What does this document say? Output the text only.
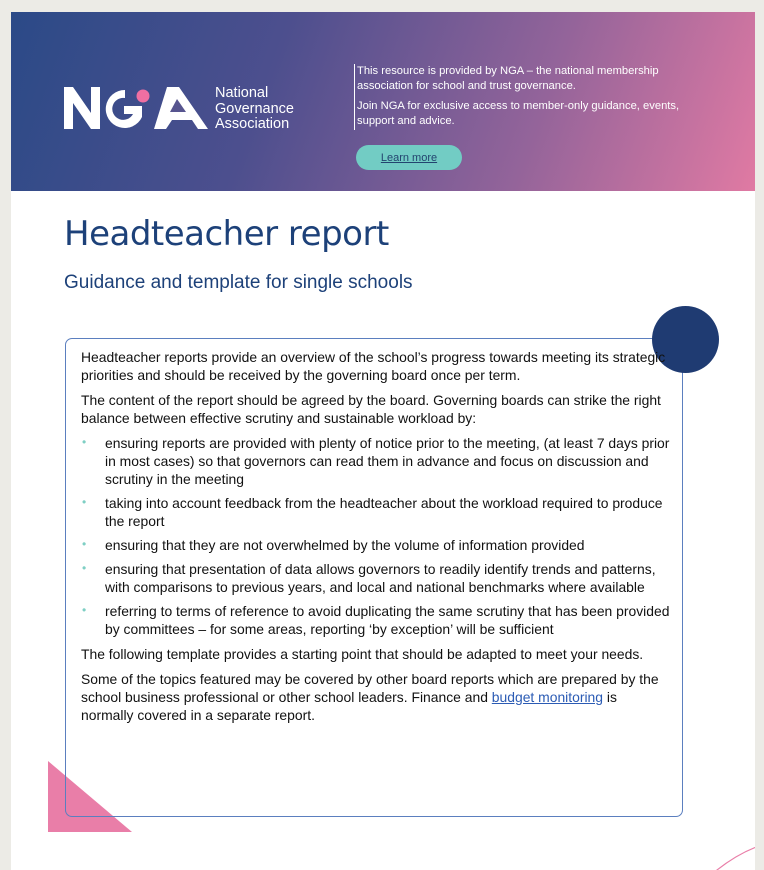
National
Governance
Association

This resource is provided by NGA – the national membership association for school and trust governance.

Join NGA for exclusive access to member-only guidance, events, support and advice.

Learn more
Headteacher report
Guidance and template for single schools

Headteacher reports provide an overview of the school’s progress towards meeting its strategic priorities and should be received by the governing board once per term.

The content of the report should be agreed by the board. Governing boards can strike the right balance between effective scrutiny and sustainable workload by:

• ensuring reports are provided with plenty of notice prior to the meeting, (at least 7 days prior in most cases) so that governors can read them in advance and focus on discussion and scrutiny in the meeting
• taking into account feedback from the headteacher about the workload required to produce the report
• ensuring that they are not overwhelmed by the volume of information provided
• ensuring that presentation of data allows governors to readily identify trends and patterns, with comparisons to previous years, and local and national benchmarks where available
• referring to terms of reference to avoid duplicating the same scrutiny that has been provided by committees – for some areas, reporting ‘by exception’ will be sufficient

The following template provides a starting point that should be adapted to meet your needs.

Some of the topics featured may be covered by other board reports which are prepared by the school business professional or other school leaders. Finance and budget monitoring is normally covered in a separate report.
